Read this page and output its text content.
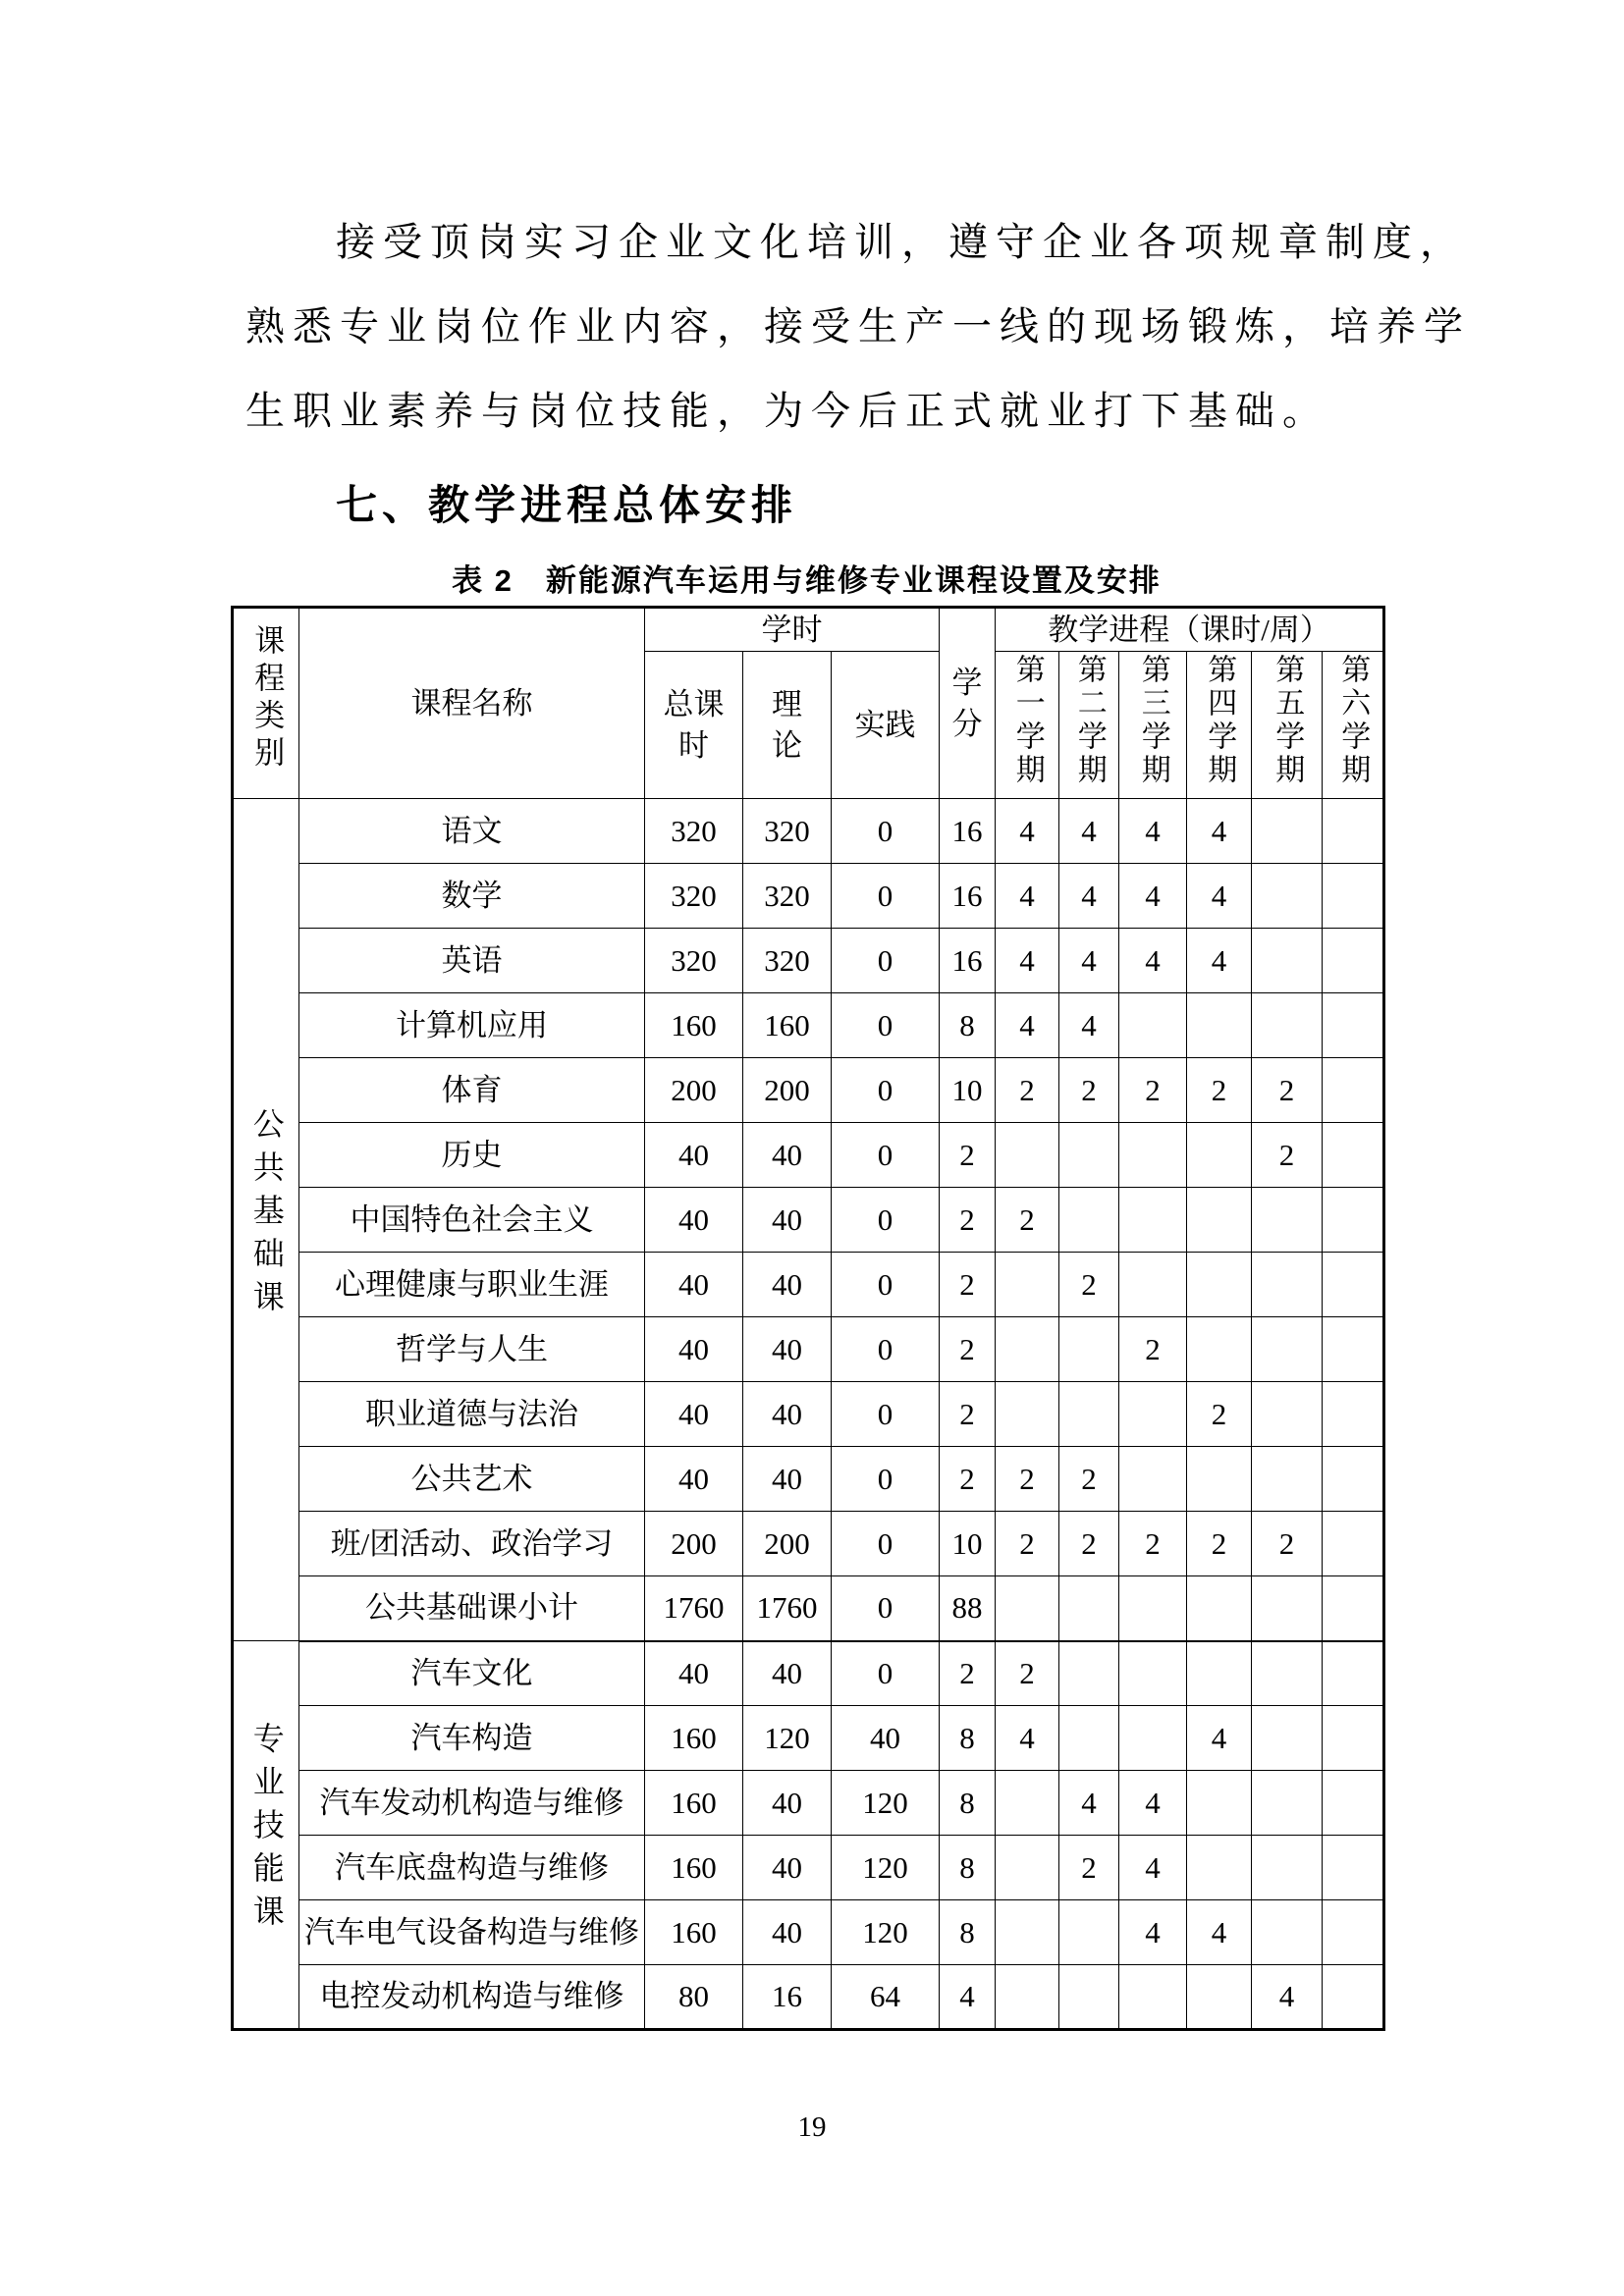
接受顶岗实习企业文化培训，遵守企业各项规章制度，
熟悉专业岗位作业内容，接受生产一线的现场锻炼，培养学
生职业素养与岗位技能，为今后正式就业打下基础。
七、教学进程总体安排
表 2　新能源汽车运用与维修专业课程设置及安排
课程类别	课程名称	学时			学分	教学进程（课时/周）					
		总课时	理论	实践		第一学期	第二学期	第三学期	第四学期	第五学期	第六学期
公共基础课	语文	320	320	0	16	4	4	4	4		
	数学	320	320	0	16	4	4	4	4		
	英语	320	320	0	16	4	4	4	4		
	计算机应用	160	160	0	8	4	4				
	体育	200	200	0	10	2	2	2	2	2	
	历史	40	40	0	2					2	
	中国特色社会主义	40	40	0	2	2					
	心理健康与职业生涯	40	40	0	2		2				
	哲学与人生	40	40	0	2			2			
	职业道德与法治	40	40	0	2				2		
	公共艺术	40	40	0	2	2	2				
	班/团活动、政治学习	200	200	0	10	2	2	2	2	2	
	公共基础课小计	1760	1760	0	88						
专业技能课	汽车文化	40	40	0	2	2					
	汽车构造	160	120	40	8	4			4		
	汽车发动机构造与维修	160	40	120	8		4	4			
	汽车底盘构造与维修	160	40	120	8		2	4			
	汽车电气设备构造与维修	160	40	120	8			4	4		
	电控发动机构造与维修	80	16	64	4					4	
19
